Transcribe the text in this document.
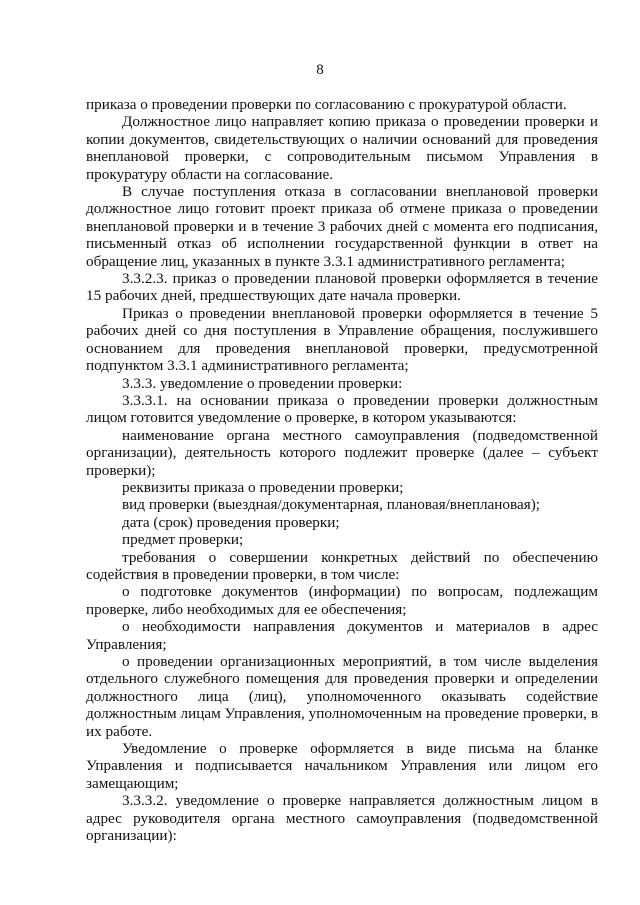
8

приказа о проведении проверки по согласованию с прокуратурой области.

Должностное лицо направляет копию приказа о проведении проверки и копии документов, свидетельствующих о наличии оснований для проведения внеплановой проверки, с сопроводительным письмом Управления в прокуратуру области на согласование.

В случае поступления отказа в согласовании внеплановой проверки должностное лицо готовит проект приказа об отмене приказа о проведении внеплановой проверки и в течение 3 рабочих дней с момента его подписания, письменный отказ об исполнении государственной функции в ответ на обращение лиц, указанных в пункте 3.3.1 административного регламента;

3.3.2.3. приказ о проведении плановой проверки оформляется в течение 15 рабочих дней, предшествующих дате начала проверки.

Приказ о проведении внеплановой проверки оформляется в течение 5 рабочих дней со дня поступления в Управление обращения, послужившего основанием для проведения внеплановой проверки, предусмотренной подпунктом 3.3.1 административного регламента;

3.3.3. уведомление о проведении проверки:

3.3.3.1. на основании приказа о проведении проверки должностным лицом готовится уведомление о проверке, в котором указываются:

наименование органа местного самоуправления (подведомственной организации), деятельность которого подлежит проверке (далее – субъект проверки);

реквизиты приказа о проведении проверки;

вид проверки (выездная/документарная, плановая/внеплановая);

дата (срок) проведения проверки;

предмет проверки;

требования о совершении конкретных действий по обеспечению содействия в проведении проверки, в том числе:

о подготовке документов (информации) по вопросам, подлежащим проверке, либо необходимых для ее обеспечения;

о необходимости направления документов и материалов в адрес Управления;

о проведении организационных мероприятий, в том числе выделения отдельного служебного помещения для проведения проверки и определении должностного лица (лиц), уполномоченного оказывать содействие должностным лицам Управления, уполномоченным на проведение проверки, в их работе.

Уведомление о проверке оформляется в виде письма на бланке Управления и подписывается начальником Управления или лицом его замещающим;

3.3.3.2. уведомление о проверке направляется должностным лицом в адрес руководителя органа местного самоуправления (подведомственной организации):
